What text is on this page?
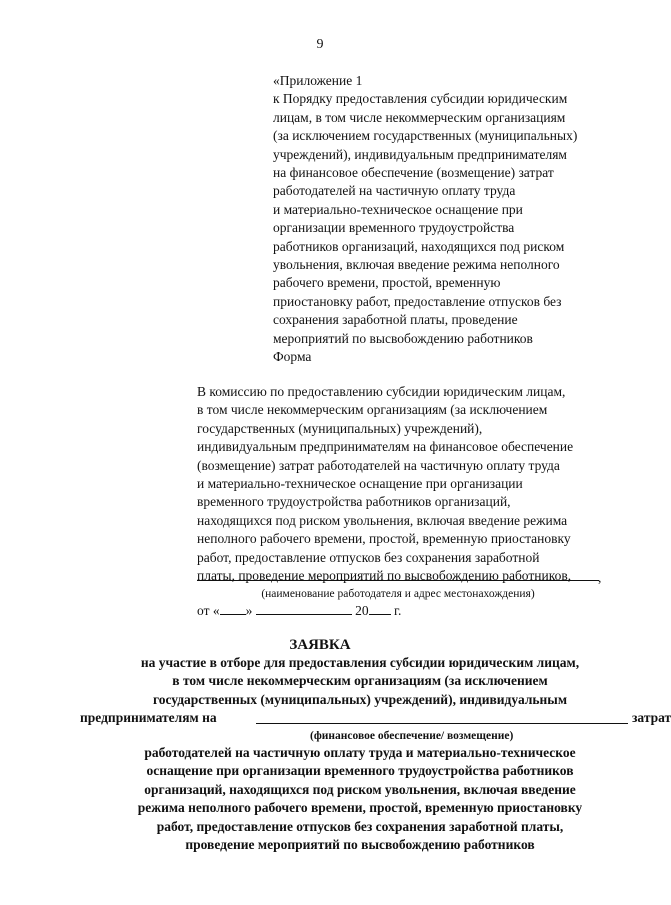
9
«Приложение 1
к Порядку предоставления субсидии юридическим
лицам, в том числе некоммерческим организациям
(за исключением государственных (муниципальных)
учреждений), индивидуальным предпринимателям
на финансовое обеспечение (возмещение) затрат
работодателей на частичную оплату труда
и материально-техническое оснащение при
организации временного трудоустройства
работников организаций, находящихся под риском
увольнения, включая введение режима неполного
рабочего времени, простой, временную
приостановку работ, предоставление отпусков без
сохранения заработной платы, проведение
мероприятий по высвобождению работников
Форма
В комиссию по предоставлению субсидии юридическим лицам,
в том числе некоммерческим организациям (за исключением
государственных (муниципальных) учреждений),
индивидуальным предпринимателям на финансовое обеспечение
(возмещение) затрат работодателей на частичную оплату труда
и материально-техническое оснащение при организации
временного трудоустройства работников организаций,
находящихся под риском увольнения, включая введение режима
неполного рабочего времени, простой, временную приостановку
работ, предоставление отпусков без сохранения заработной
платы, проведение мероприятий по высвобождению работников,	,
(наименование работодателя и адрес местонахождения)
от « »	20 г.
ЗАЯВКА
на участие в отборе для предоставления субсидии юридическим лицам,
в том числе некоммерческим организациям (за исключением
государственных (муниципальных) учреждений), индивидуальным
предпринимателям на	затрат
(финансовое обеспечение/ возмещение)
работодателей на частичную оплату труда и материально-техническое
оснащение при организации временного трудоустройства работников
организаций, находящихся под риском увольнения, включая введение
режима неполного рабочего времени, простой, временную приостановку
работ, предоставление отпусков без сохранения заработной платы,
проведение мероприятий по высвобождению работников
